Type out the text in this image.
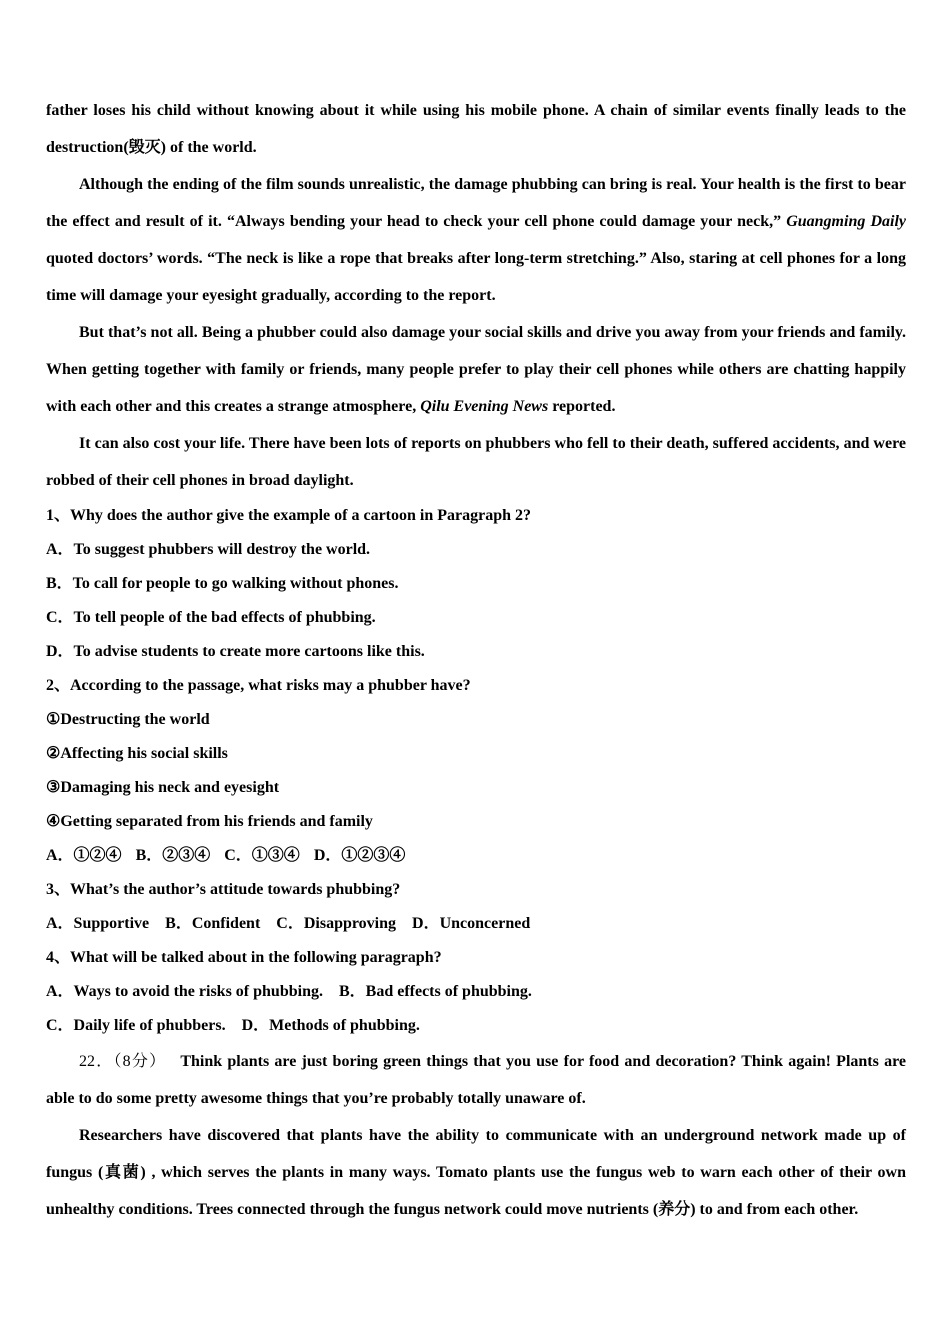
father loses his child without knowing about it while using his mobile phone. A chain of similar events finally leads to the destruction(毁灭) of the world.

Although the ending of the film sounds unrealistic, the damage phubbing can bring is real. Your health is the first to bear the effect and result of it. “Always bending your head to check your cell phone could damage your neck,” Guangming Daily quoted doctors’ words. “The neck is like a rope that breaks after long-term stretching.” Also, staring at cell phones for a long time will damage your eyesight gradually, according to the report.

But that’s not all. Being a phubber could also damage your social skills and drive you away from your friends and family. When getting together with family or friends, many people prefer to play their cell phones while others are chatting happily with each other and this creates a strange atmosphere, Qilu Evening News reported.

It can also cost your life. There have been lots of reports on phubbers who fell to their death, suffered accidents, and were robbed of their cell phones in broad daylight.

1、Why does the author give the example of a cartoon in Paragraph 2?

A．To suggest phubbers will destroy the world.

B．To call for people to go walking without phones.

C．To tell people of the bad effects of phubbing.

D．To advise students to create more cartoons like this.

2、According to the passage, what risks may a phubber have?

①Destructing the world

②Affecting his social skills

③Damaging his neck and eyesight

④Getting separated from his friends and family

A．①②④ B．②③④ C．①③④ D．①②③④

3、What’s the author’s attitude towards phubbing?

A．Supportive B．Confident C．Disapproving D．Unconcerned

4、What will be talked about in the following paragraph?

A．Ways to avoid the risks of phubbing. B．Bad effects of phubbing.

C．Daily life of phubbers. D．Methods of phubbing.

22．（8分） Think plants are just boring green things that you use for food and decoration? Think again! Plants are able to do some pretty awesome things that you’re probably totally unaware of.

Researchers have discovered that plants have the ability to communicate with an underground network made up of fungus (真菌) , which serves the plants in many ways. Tomato plants use the fungus web to warn each other of their own unhealthy conditions. Trees connected through the fungus network could move nutrients (养分) to and from each other.
